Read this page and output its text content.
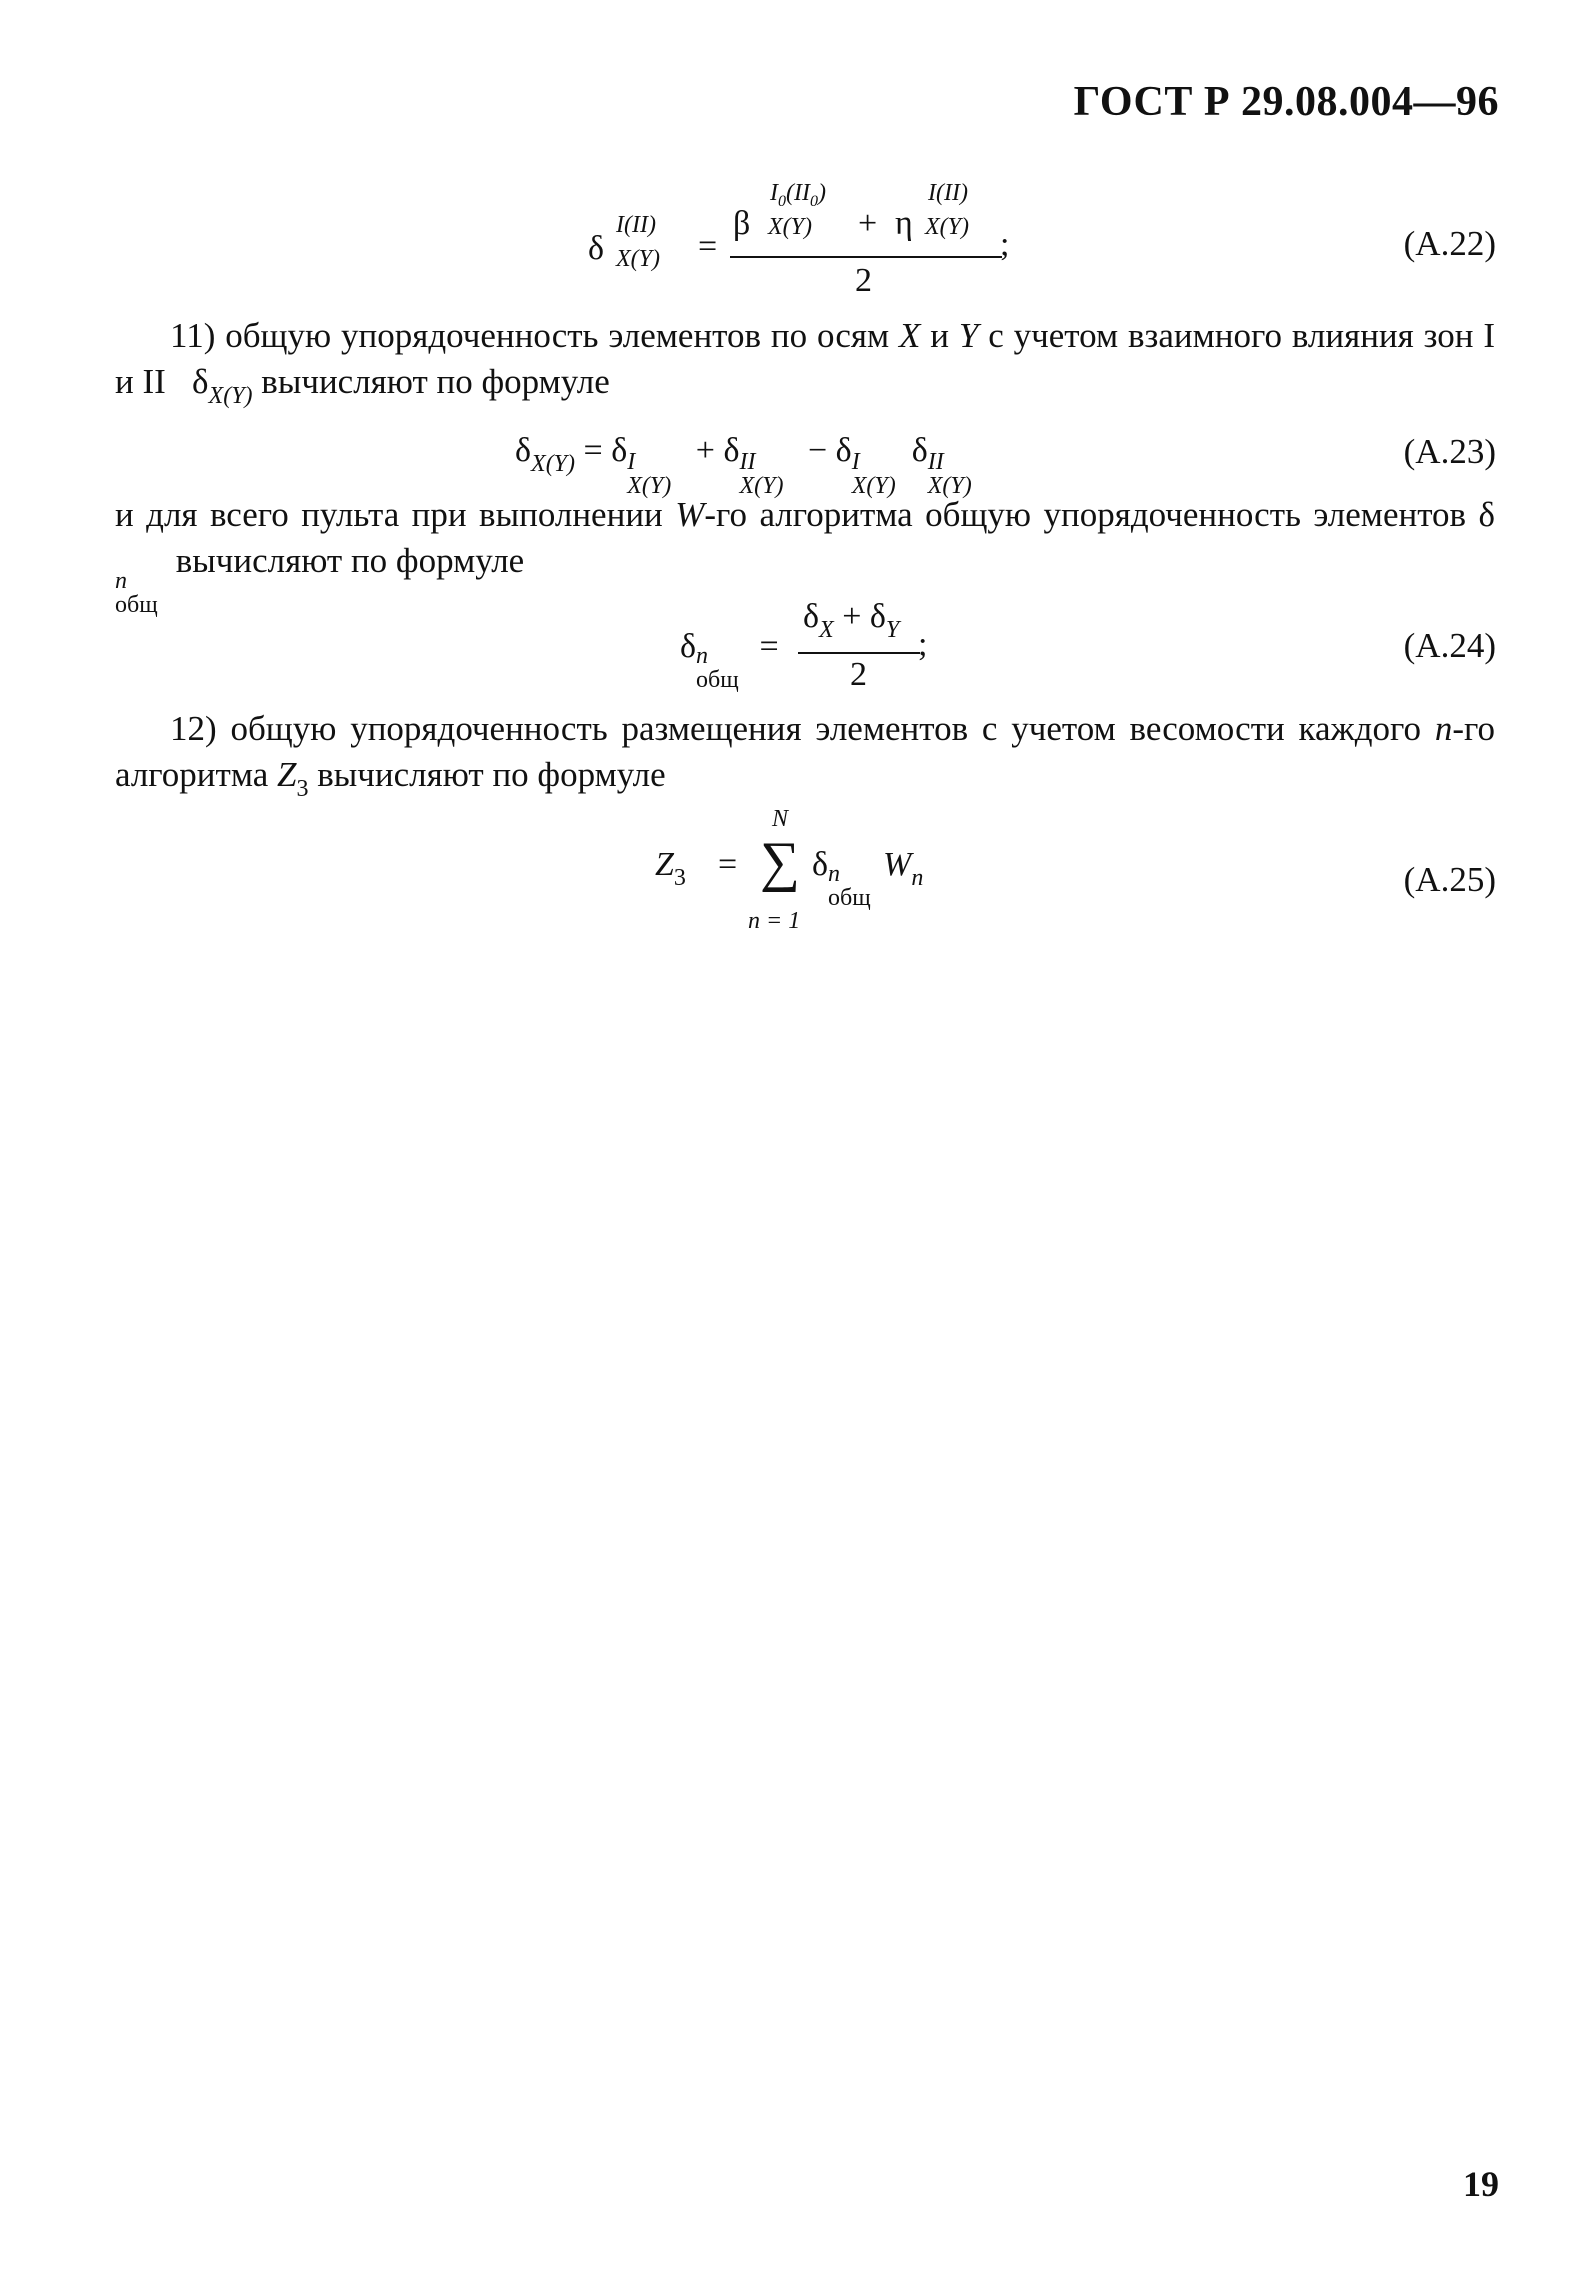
ГОСТ Р 29.08.004—96
δ
I(II)
X(Y) =
$I_0(II_0)$
β X(Y) + η
I(II)
X(Y)
2
;	(А.22)
11) общую упорядоченность элементов по осям X и Y с учетом взаимного влияния зон I и II $\delta_{X(Y)}$ вычисляют по формуле
$\delta_{X(Y)} = \delta$ I
X(Y)
+ δ II
X(Y)
− δ I
X(Y)
δ II
X(Y)
(А.23)
и для всего пульта при выполнении W-го алгоритма общую упорядоченность элементов δ
n
общ
вычисляют по формуле
δ n
общ
=
$\delta_X + \delta_Y$
2
;	(А.24)
12) общую упорядоченность размещения элементов с учетом весомости каждого n-го алгоритма $Z_3$ вычисляют по формуле
$Z_3$ =
N
∑
n = 1
δ n
общ
$W_n$	(А.25)
19
